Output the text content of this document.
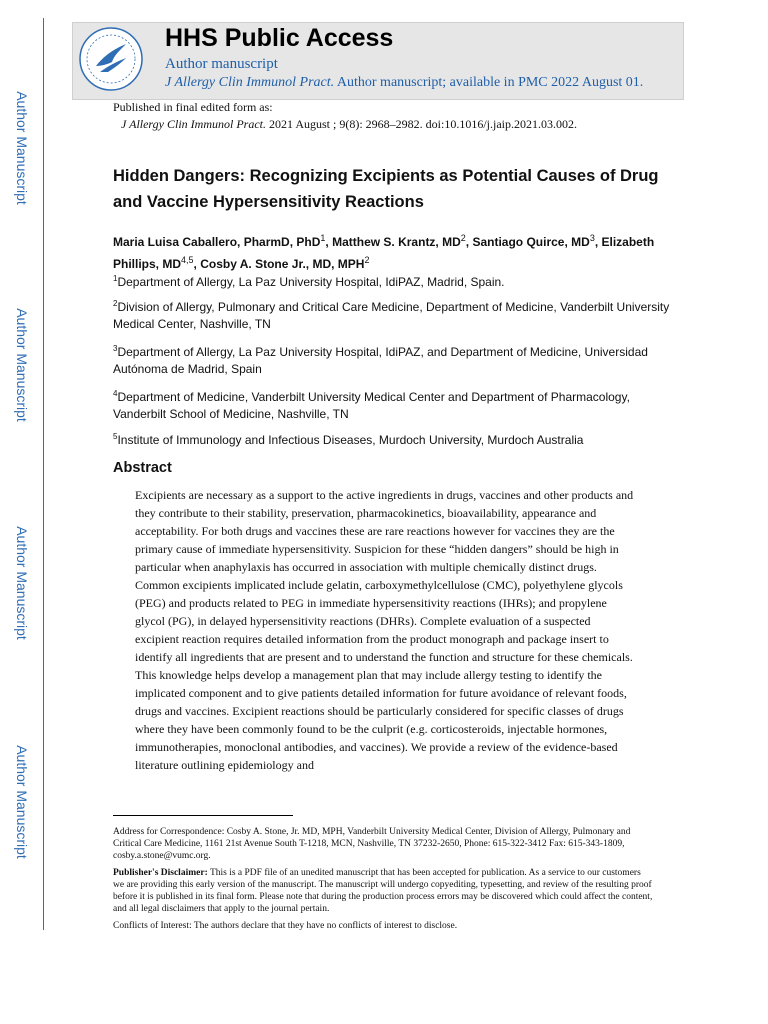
Author Manuscript
Author Manuscript
Author Manuscript
Author Manuscript
HHS Public Access
Author manuscript
J Allergy Clin Immunol Pract. Author manuscript; available in PMC 2022 August 01.
Published in final edited form as:
J Allergy Clin Immunol Pract. 2021 August ; 9(8): 2968–2982. doi:10.1016/j.jaip.2021.03.002.
Hidden Dangers: Recognizing Excipients as Potential Causes of Drug and Vaccine Hypersensitivity Reactions
Maria Luisa Caballero, PharmD, PhD$^1$, Matthew S. Krantz, $MD^2$, Santiago Quirce, $MD^3$, Elizabeth Phillips, MD$^{4,5}$, Cosby A. Stone Jr., MD, MPH$^2$
$^1$Department of Allergy, La Paz University Hospital, IdiPAZ, Madrid, Spain.
$^2$Division of Allergy, Pulmonary and Critical Care Medicine, Department of Medicine, Vanderbilt University Medical Center, Nashville, TN
$^3$Department of Allergy, La Paz University Hospital, IdiPAZ, and Department of Medicine, Universidad Autónoma de Madrid, Spain
$^4$Department of Medicine, Vanderbilt University Medical Center and Department of Pharmacology, Vanderbilt School of Medicine, Nashville, TN
$^5$Institute of Immunology and Infectious Diseases, Murdoch University, Murdoch Australia
Abstract

Excipients are necessary as a support to the active ingredients in drugs, vaccines and other products and they contribute to their stability, preservation, pharmacokinetics, bioavailability, appearance and acceptability. For both drugs and vaccines these are rare reactions however for vaccines they are the primary cause of immediate hypersensitivity. Suspicion for these “hidden dangers” should be high in particular when anaphylaxis has occurred in association with multiple chemically distinct drugs. Common excipients implicated include gelatin, carboxymethylcellulose (CMC), polyethylene glycols (PEG) and products related to PEG in immediate hypersensitivity reactions (IHRs); and propylene glycol (PG), in delayed hypersensitivity reactions (DHRs). Complete evaluation of a suspected excipient reaction requires detailed information from the product monograph and package insert to identify all ingredients that are present and to understand the function and structure for these chemicals. This knowledge helps develop a management plan that may include allergy testing to identify the implicated component and to give patients detailed information for future avoidance of relevant foods, drugs and vaccines. Excipient reactions should be particularly considered for specific classes of drugs where they have been commonly found to be the culprit (e.g. corticosteroids, injectable hormones, immunotherapies, monoclonal antibodies, and vaccines). We provide a review of the evidence-based literature outlining epidemiology and

Address for Correspondence: Cosby A. Stone, Jr. MD, MPH, Vanderbilt University Medical Center, Division of Allergy, Pulmonary and Critical Care Medicine, 1161 21st Avenue South T-1218, MCN, Nashville, TN 37232-2650, Phone: 615-322-3412 Fax: 615-343-1809, cosby.a.stone@vumc.org.

Publisher's Disclaimer: This is a PDF file of an unedited manuscript that has been accepted for publication. As a service to our customers we are providing this early version of the manuscript. The manuscript will undergo copyediting, typesetting, and review of the resulting proof before it is published in its final form. Please note that during the production process errors may be discovered which could affect the content, and all legal disclaimers that apply to the journal pertain.

Conflicts of Interest: The authors declare that they have no conflicts of interest to disclose.
